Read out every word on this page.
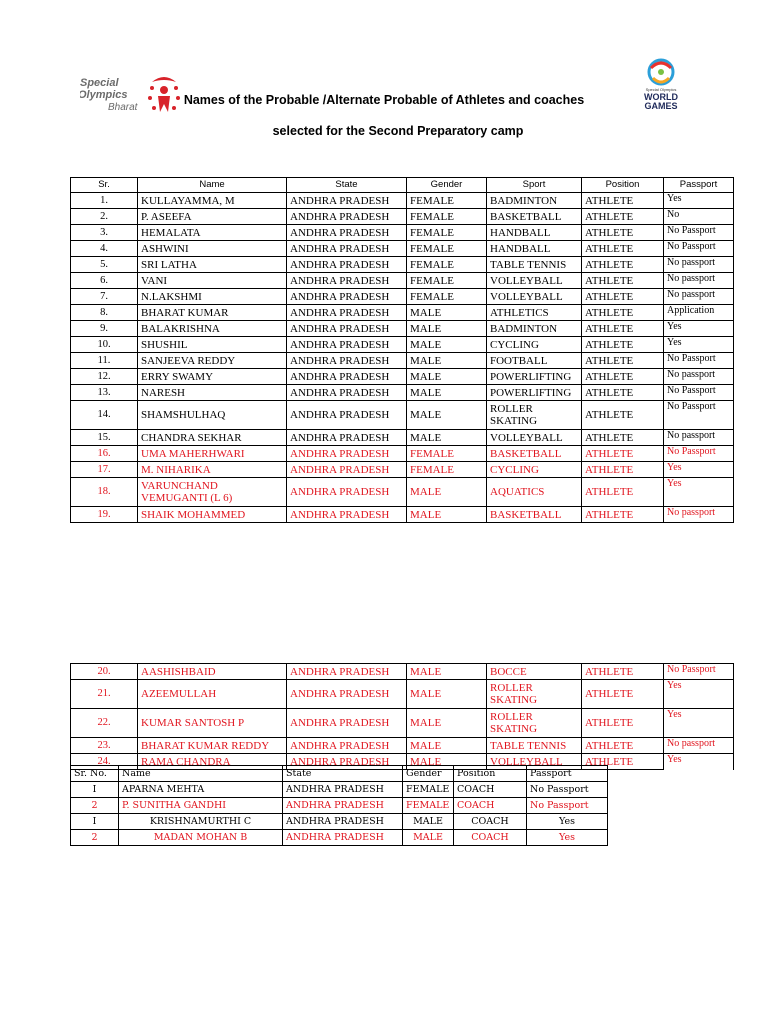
Special
Olympics
Bharat
Special Olympics
WORLD
GAMES
Names of the Probable /Alternate Probable of Athletes and coaches
selected for the Second Preparatory camp
Sr.	Name	State	Gender	Sport	Position	Passport
1.	KULLAYAMMA, M	ANDHRA PRADESH	FEMALE	BADMINTON	ATHLETE	Yes
2.	P. ASEEFA	ANDHRA PRADESH	FEMALE	BASKETBALL	ATHLETE	No
3.	HEMALATA	ANDHRA PRADESH	FEMALE	HANDBALL	ATHLETE	No Passport
4.	ASHWINI	ANDHRA PRADESH	FEMALE	HANDBALL	ATHLETE	No Passport
5.	SRI LATHA	ANDHRA PRADESH	FEMALE	TABLE TENNIS	ATHLETE	No passport
6.	VANI	ANDHRA PRADESH	FEMALE	VOLLEYBALL	ATHLETE	No passport
7.	N.LAKSHMI	ANDHRA PRADESH	FEMALE	VOLLEYBALL	ATHLETE	No passport
8.	BHARAT KUMAR	ANDHRA PRADESH	MALE	ATHLETICS	ATHLETE	Application
9.	BALAKRISHNA	ANDHRA PRADESH	MALE	BADMINTON	ATHLETE	Yes
10.	SHUSHIL	ANDHRA PRADESH	MALE	CYCLING	ATHLETE	Yes
11.	SANJEEVA REDDY	ANDHRA PRADESH	MALE	FOOTBALL	ATHLETE	No Passport
12.	ERRY SWAMY	ANDHRA PRADESH	MALE	POWERLIFTING	ATHLETE	No passport
13.	NARESH	ANDHRA PRADESH	MALE	POWERLIFTING	ATHLETE	No Passport
14.	SHAMSHULHAQ	ANDHRA PRADESH	MALE	ROLLER SKATING	ATHLETE	No Passport
15.	CHANDRA SEKHAR	ANDHRA PRADESH	MALE	VOLLEYBALL	ATHLETE	No passport
16.	UMA MAHERHWARI	ANDHRA PRADESH	FEMALE	BASKETBALL	ATHLETE	No Passport
17.	M. NIHARIKA	ANDHRA PRADESH	FEMALE	CYCLING	ATHLETE	Yes
18.	VARUNCHAND VEMUGANTI (L 6)	ANDHRA PRADESH	MALE	AQUATICS	ATHLETE	Yes
19.	SHAIK MOHAMMED	ANDHRA PRADESH	MALE	BASKETBALL	ATHLETE	No passport
20.	AASHISHBAID	ANDHRA PRADESH	MALE	BOCCE	ATHLETE	No Passport
21.	AZEEMULLAH	ANDHRA PRADESH	MALE	ROLLER SKATING	ATHLETE	Yes
22.	KUMAR SANTOSH P	ANDHRA PRADESH	MALE	ROLLER SKATING	ATHLETE	Yes
23.	BHARAT KUMAR REDDY	ANDHRA PRADESH	MALE	TABLE TENNIS	ATHLETE	No passport
24.	RAMA CHANDRA	ANDHRA PRADESH	MALE	VOLLEYBALL	ATHLETE	Yes
Sr. No.	Name	State	Gender	Position	Passport
I	APARNA MEHTA	ANDHRA PRADESH	FEMALE	COACH	No Passport
2	P. SUNITHA GANDHI	ANDHRA PRADESH	FEMALE	COACH	No Passport
I	KRISHNAMURTHI C	ANDHRA PRADESH	MALE	COACH	Yes
2	MADAN MOHAN B	ANDHRA PRADESH	MALE	COACH	Yes
